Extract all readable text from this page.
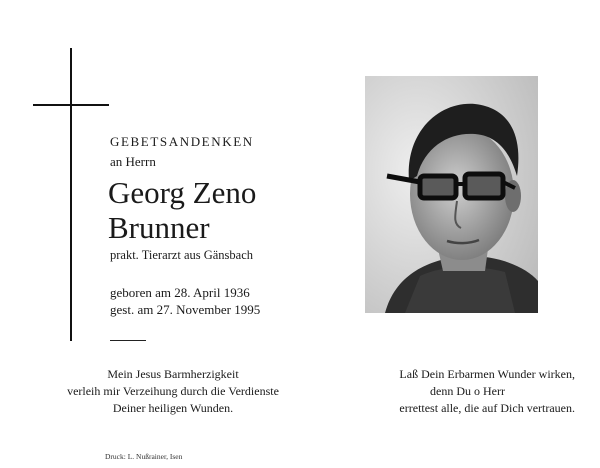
GEBETSANDENKEN
an Herrn
Georg Zeno
Brunner
prakt. Tierarzt aus Gänsbach
geboren am 28. April 1936
gest. am 27. November 1995
Mein Jesus Barmherzigkeit
verleih mir Verzeihung durch die Verdienste
Deiner heiligen Wunden.
Laß Dein Erbarmen Wunder wirken,
denn Du o Herr
errettest alle, die auf Dich vertrauen.
Druck: L. Nußrainer, Isen
